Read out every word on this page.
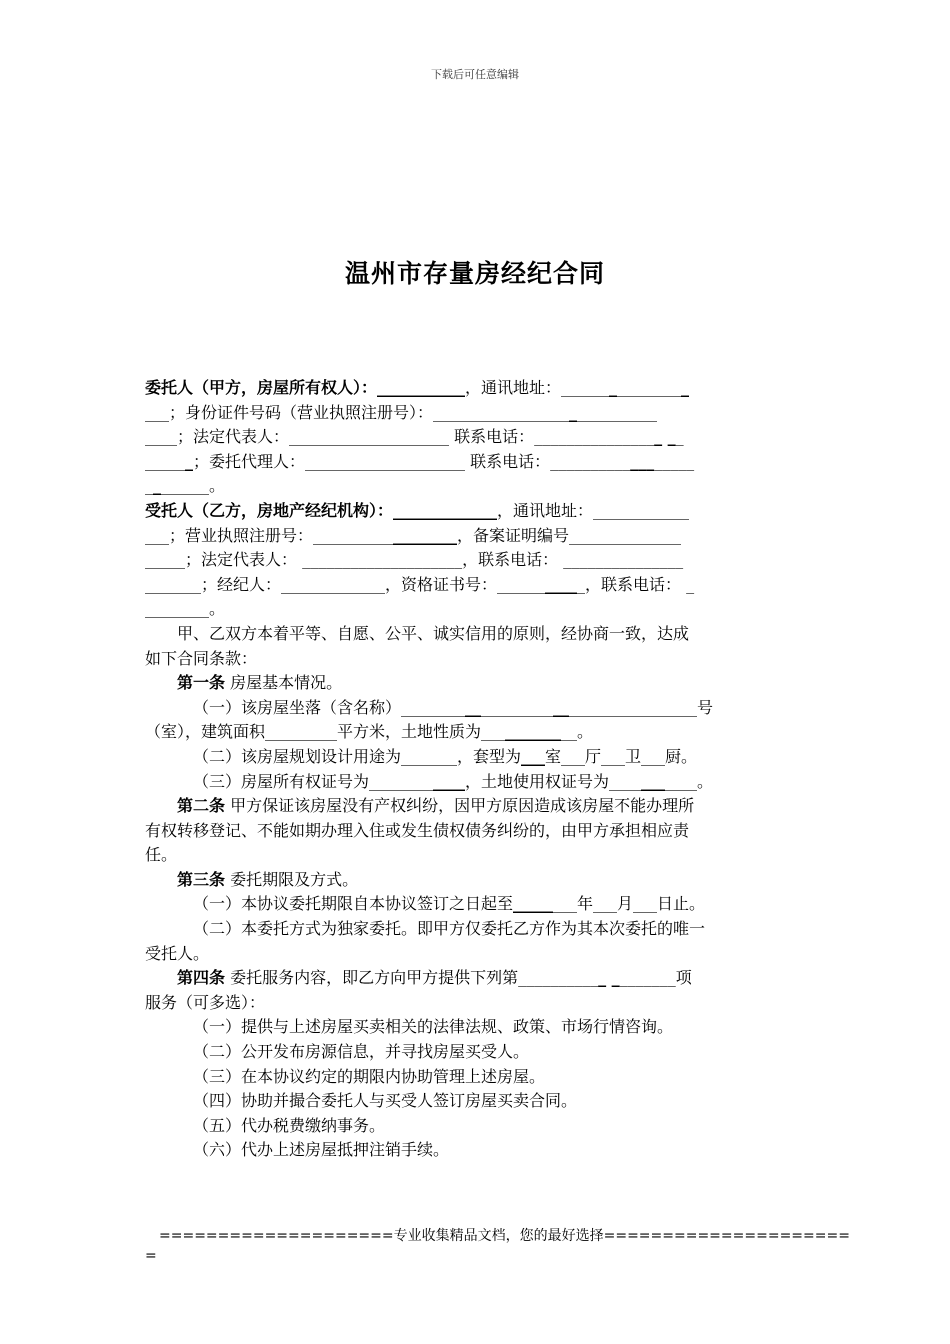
下载后可任意编辑
温州市存量房经纪合同
委托人（甲方，房屋所有权人）：___________，通讯地址：________________
___；身份证件号码（营业执照注册号）：____________________________
____；法定代表人：____________________ 联系电话：________________ __
______；委托代理人：____________________ 联系电话：__________________
________。
受托人（乙方，房地产经纪机构）：_____________，通讯地址：____________
___；营业执照注册号：__________________，备案证明编号______________
_____；法定代表人： ____________________，联系电话： _______________
_______；经纪人：_____________，资格证书号：___________，联系电话： _
________。
甲、乙双方本着平等、自愿、公平、诚实信用的原则，经协商一致，达成
如下合同条款：
第一条 房屋基本情况。
（一）该房屋坐落（含名称）_____________________________________号
（室），建筑面积_________平方米，土地性质为____________。
（二）该房屋规划设计用途为_______，套型为___室___厅___卫___厨。
（三）房屋所有权证号为____________，土地使用权证号为___________。
第二条 甲方保证该房屋没有产权纠纷，因甲方原因造成该房屋不能办理所
有权转移登记、不能如期办理入住或发生债权债务纠纷的，由甲方承担相应责
任。
第三条 委托期限及方式。
（一）本协议委托期限自本协议签订之日起至________年___月___日止。
（二）本委托方式为独家委托。即甲方仅委托乙方作为其本次委托的唯一
受托人。
第四条 委托服务内容，即乙方向甲方提供下列第___________ ________项
服务（可多选）：
（一）提供与上述房屋买卖相关的法律法规、政策、市场行情咨询。
（二）公开发布房源信息，并寻找房屋买受人。
（三）在本协议约定的期限内协助管理上述房屋。
（四）协助并撮合委托人与买受人签订房屋买卖合同。
（五）代办税费缴纳事务。
（六）代办上述房屋抵押注销手续。
====================专业收集精品文档，您的最好选择=====================
=
